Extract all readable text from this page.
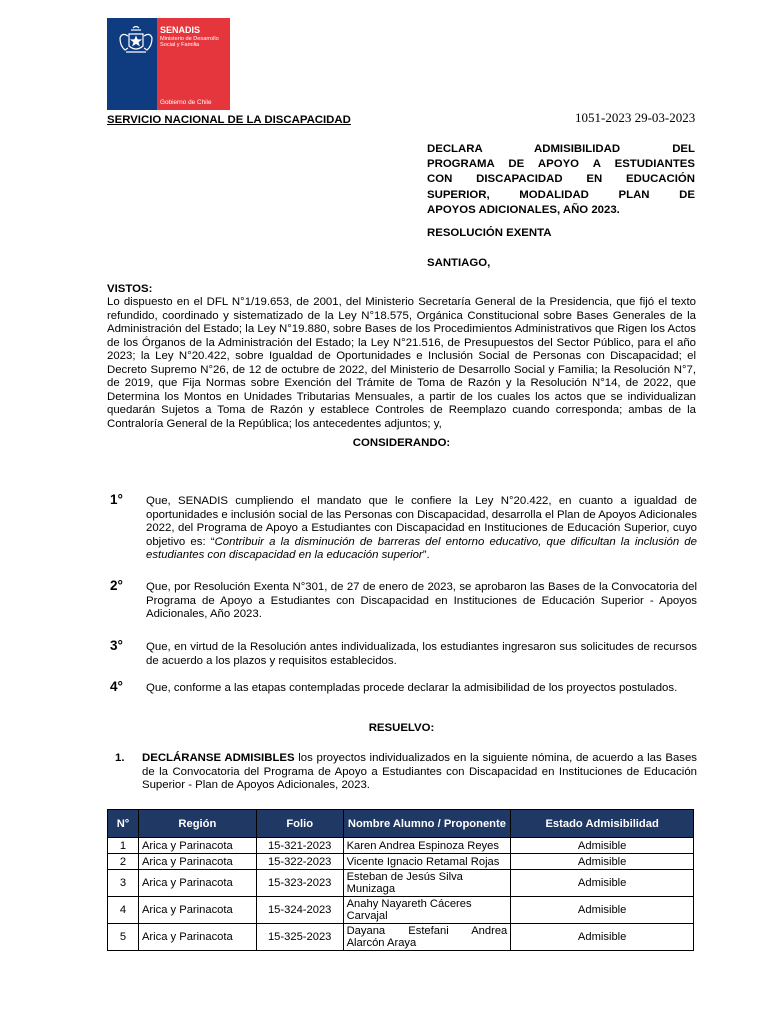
SENADIS
Ministerio de Desarrollo Social y Familia
Gobierno de Chile
SERVICIO NACIONAL DE LA DISCAPACIDAD	1051-2023 29-03-2023
DECLARA ADMISIBILIDAD DEL
PROGRAMA DE APOYO A ESTUDIANTES
CON DISCAPACIDAD EN EDUCACIÓN
SUPERIOR, MODALIDAD PLAN DE
APOYOS ADICIONALES, AÑO 2023.
RESOLUCIÓN EXENTA
SANTIAGO,
VISTOS:
Lo dispuesto en el DFL N°1/19.653, de 2001, del Ministerio Secretaría General de la Presidencia, que fijó el texto refundido, coordinado y sistematizado de la Ley N°18.575, Orgánica Constitucional sobre Bases Generales de la Administración del Estado; la Ley N°19.880, sobre Bases de los Procedimientos Administrativos que Rigen los Actos de los Órganos de la Administración del Estado; la Ley N°21.516, de Presupuestos del Sector Público, para el año 2023; la Ley N°20.422, sobre Igualdad de Oportunidades e Inclusión Social de Personas con Discapacidad; el Decreto Supremo N°26, de 12 de octubre de 2022, del Ministerio de Desarrollo Social y Familia; la Resolución N°7, de 2019, que Fija Normas sobre Exención del Trámite de Toma de Razón y la Resolución N°14, de 2022, que Determina los Montos en Unidades Tributarias Mensuales, a partir de los cuales los actos que se individualizan quedarán Sujetos a Toma de Razón y establece Controles de Reemplazo cuando corresponda; ambas de la Contraloría General de la República; los antecedentes adjuntos; y,
CONSIDERANDO:
1° Que, SENADIS cumpliendo el mandato que le confiere la Ley N°20.422, en cuanto a igualdad de oportunidades e inclusión social de las Personas con Discapacidad, desarrolla el Plan de Apoyos Adicionales 2022, del Programa de Apoyo a Estudiantes con Discapacidad en Instituciones de Educación Superior, cuyo objetivo es: “Contribuir a la disminución de barreras del entorno educativo, que dificultan la inclusión de estudiantes con discapacidad en la educación superior”.
2° Que, por Resolución Exenta N°301, de 27 de enero de 2023, se aprobaron las Bases de la Convocatoria del Programa de Apoyo a Estudiantes con Discapacidad en Instituciones de Educación Superior - Apoyos Adicionales, Año 2023.
3° Que, en virtud de la Resolución antes individualizada, los estudiantes ingresaron sus solicitudes de recursos de acuerdo a los plazos y requisitos establecidos.
4° Que, conforme a las etapas contempladas procede declarar la admisibilidad de los proyectos postulados.
RESUELVO:
1. DECLÁRANSE ADMISIBLES los proyectos individualizados en la siguiente nómina, de acuerdo a las Bases de la Convocatoria del Programa de Apoyo a Estudiantes con Discapacidad en Instituciones de Educación Superior - Plan de Apoyos Adicionales, 2023.
N°	Región	Folio	Nombre Alumno / Proponente	Estado Admisibilidad
1	Arica y Parinacota	15-321-2023	Karen Andrea Espinoza Reyes	Admisible
2	Arica y Parinacota	15-322-2023	Vicente Ignacio Retamal Rojas	Admisible
3	Arica y Parinacota	15-323-2023	Esteban de Jesús Silva Munizaga	Admisible
4	Arica y Parinacota	15-324-2023	Anahy Nayareth Cáceres Carvajal	Admisible
5	Arica y Parinacota	15-325-2023	Dayana Estefani Andrea Alarcón Araya	Admisible
